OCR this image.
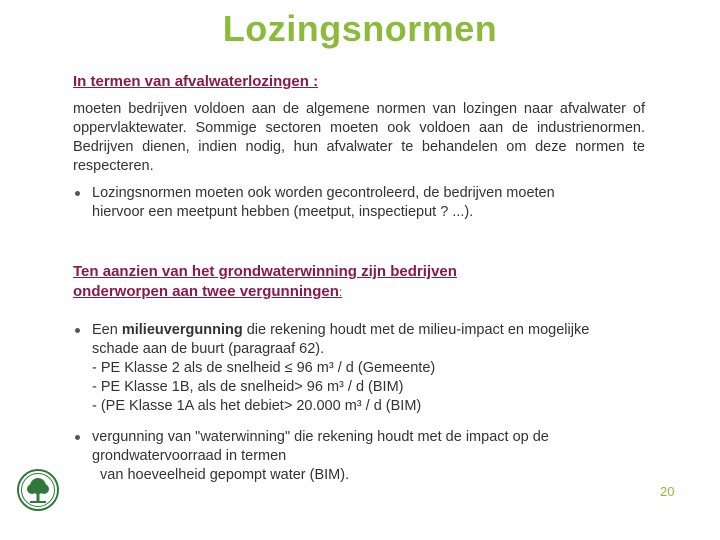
Lozingsnormen
In termen van afvalwaterlozingen :
moeten bedrijven voldoen aan de algemene normen van lozingen naar afvalwater of oppervlaktewater. Sommige sectoren moeten ook voldoen aan de industrienormen. Bedrijven dienen, indien nodig, hun afvalwater te behandelen om deze normen te respecteren.
Lozingsnormen moeten ook worden gecontroleerd, de bedrijven moeten
hiervoor een meetpunt hebben (meetput, inspectieput ? ...).
Ten aanzien van het grondwaterwinning zijn bedrijven
onderworpen aan twee vergunningen:
Een milieuvergunning die rekening houdt met de milieu-impact en mogelijke
schade aan de buurt (paragraaf 62).
- PE Klasse 2 als de snelheid ≤ 96 m³ / d (Gemeente)
- PE Klasse 1B, als de snelheid> 96 m³ / d (BIM)
- (PE Klasse 1A als het debiet> 20.000 m³ / d (BIM)
vergunning van "waterwinning" die rekening houdt met de impact op de
grondwatervoorraad in termen
van hoeveelheid gepompt water (BIM).
20
